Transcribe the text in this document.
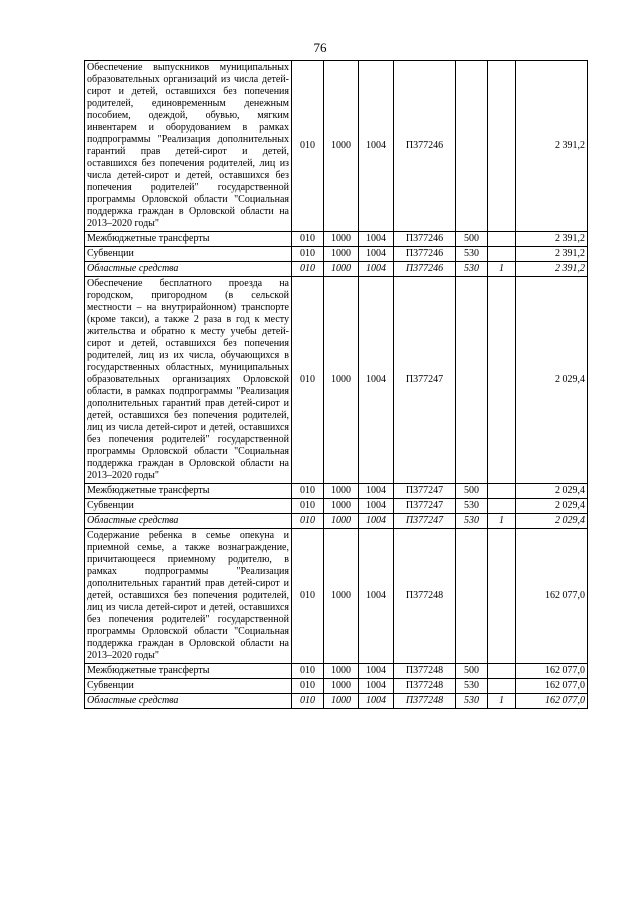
76
Обеспечение выпускников муниципальных образовательных организаций из числа детей-сирот и детей, оставшихся без попечения родителей, единовременным денежным пособием, одеждой, обувью, мягким инвентарем и оборудованием в рамках подпрограммы "Реализация дополнительных гарантий прав детей-сирот и детей, оставшихся без попечения родителей, лиц из числа детей-сирот и детей, оставшихся без попечения родителей" государственной программы Орловской области "Социальная поддержка граждан в Орловской области на 2013–2020 годы"	010	1000	1004	П377246			2 391,2
Межбюджетные трансферты	010	1000	1004	П377246	500		2 391,2
Субвенции	010	1000	1004	П377246	530		2 391,2
Областные средства	010	1000	1004	П377246	530	1	2 391,2
Обеспечение бесплатного проезда на городском, пригородном (в сельской местности – на внутрирайонном) транспорте (кроме такси), а также 2 раза в год к месту жительства и обратно к месту учебы детей-сирот и детей, оставшихся без попечения родителей, лиц из их числа, обучающихся в государственных областных, муниципальных образовательных организациях Орловской области, в рамках подпрограммы "Реализация дополнительных гарантий прав детей-сирот и детей, оставшихся без попечения родителей, лиц из числа детей-сирот и детей, оставшихся без попечения родителей" государственной программы Орловской области "Социальная поддержка граждан в Орловской области на 2013–2020 годы"	010	1000	1004	П377247			2 029,4
Межбюджетные трансферты	010	1000	1004	П377247	500		2 029,4
Субвенции	010	1000	1004	П377247	530		2 029,4
Областные средства	010	1000	1004	П377247	530	1	2 029,4
Содержание ребенка в семье опекуна и приемной семье, а также вознаграждение, причитающееся приемному родителю, в рамках подпрограммы "Реализация дополнительных гарантий прав детей-сирот и детей, оставшихся без попечения родителей, лиц из числа детей-сирот и детей, оставшихся без попечения родителей" государственной программы Орловской области "Социальная поддержка граждан в Орловской области на 2013–2020 годы"	010	1000	1004	П377248			162 077,0
Межбюджетные трансферты	010	1000	1004	П377248	500		162 077,0
Субвенции	010	1000	1004	П377248	530		162 077,0
Областные средства	010	1000	1004	П377248	530	1	162 077,0
